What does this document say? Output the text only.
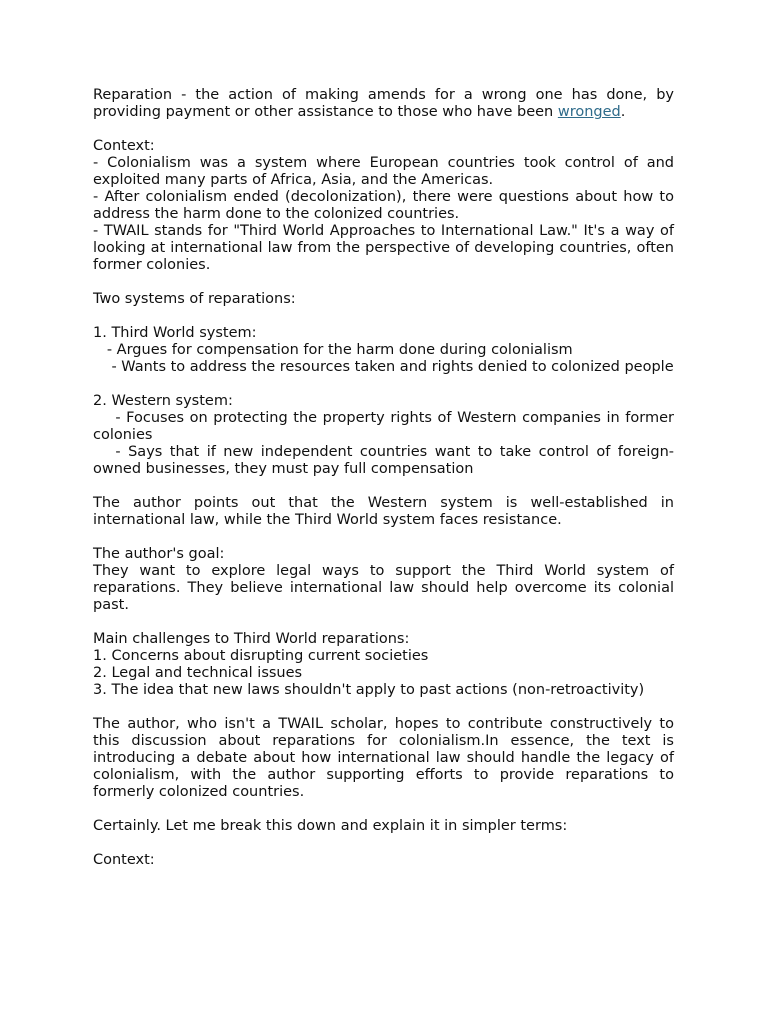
Reparation - the action of making amends for a wrong one has done, by providing payment or other assistance to those who have been wronged.

Context:

- Colonialism was a system where European countries took control of and exploited many parts of Africa, Asia, and the Americas.

- After colonialism ended (decolonization), there were questions about how to address the harm done to the colonized countries.

- TWAIL stands for "Third World Approaches to International Law." It's a way of looking at international law from the perspective of developing countries, often former colonies.

Two systems of reparations:

1. Third World system:

- Argues for compensation for the harm done during colonialism

- Wants to address the resources taken and rights denied to colonized people

2. Western system:

- Focuses on protecting the property rights of Western companies in former colonies

- Says that if new independent countries want to take control of foreign-owned businesses, they must pay full compensation

The author points out that the Western system is well-established in international law, while the Third World system faces resistance.

The author's goal:

They want to explore legal ways to support the Third World system of reparations. They believe international law should help overcome its colonial past.

Main challenges to Third World reparations:

1. Concerns about disrupting current societies

2. Legal and technical issues

3. The idea that new laws shouldn't apply to past actions (non-retroactivity)

The author, who isn't a TWAIL scholar, hopes to contribute constructively to this discussion about reparations for colonialism.In essence, the text is introducing a debate about how international law should handle the legacy of colonialism, with the author supporting efforts to provide reparations to formerly colonized countries.

Certainly. Let me break this down and explain it in simpler terms:

Context:
